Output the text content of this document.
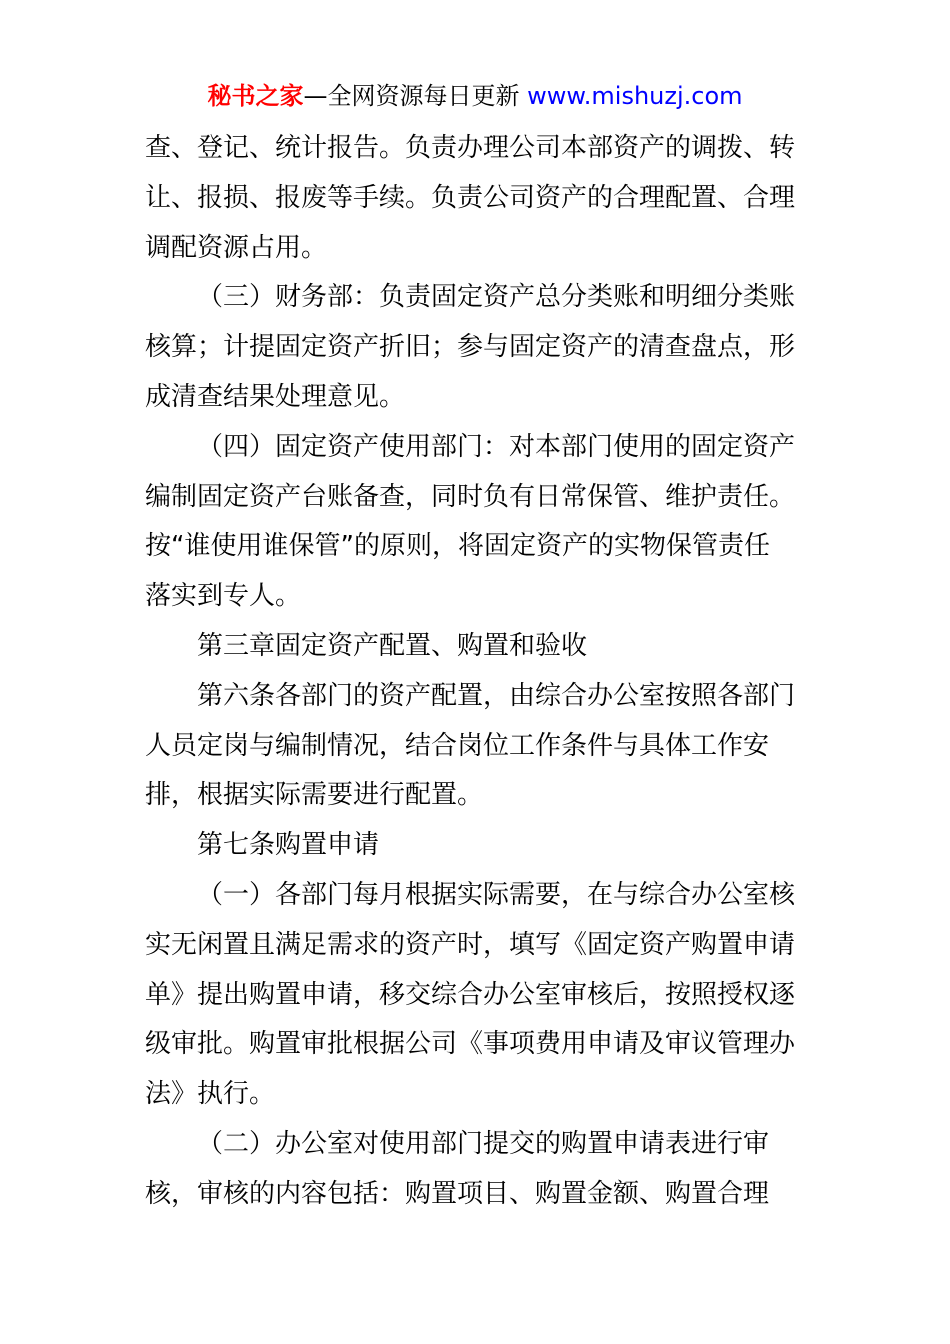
秘书之家—全网资源每日更新 www.mishuzj.com
查、登记、统计报告。负责办理公司本部资产的调拨、转
让、报损、报废等手续。负责公司资产的合理配置、合理
调配资源占用。
（三）财务部：负责固定资产总分类账和明细分类账
核算；计提固定资产折旧；参与固定资产的清查盘点，形
成清查结果处理意见。
（四）固定资产使用部门：对本部门使用的固定资产
编制固定资产台账备查，同时负有日常保管、维护责任。
按“谁使用谁保管”的原则，将固定资产的实物保管责任
落实到专人。
第三章固定资产配置、购置和验收
第六条各部门的资产配置，由综合办公室按照各部门
人员定岗与编制情况，结合岗位工作条件与具体工作安
排，根据实际需要进行配置。
第七条购置申请
（一）各部门每月根据实际需要，在与综合办公室核
实无闲置且满足需求的资产时，填写《固定资产购置申请
单》提出购置申请，移交综合办公室审核后，按照授权逐
级审批。购置审批根据公司《事项费用申请及审议管理办
法》执行。
（二）办公室对使用部门提交的购置申请表进行审
核，审核的内容包括：购置项目、购置金额、购置合理
